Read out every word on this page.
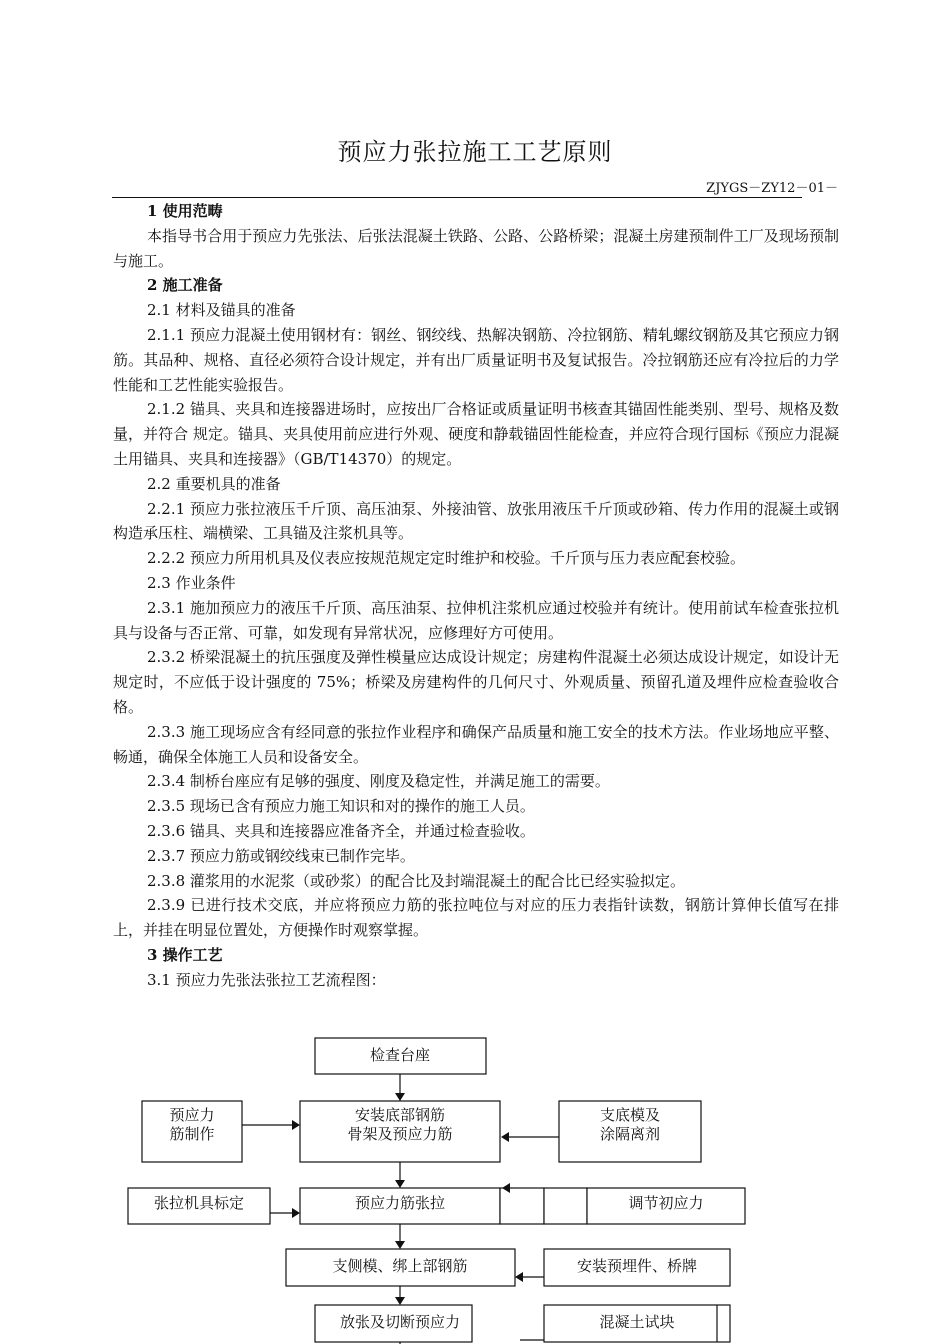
预应力张拉施工工艺原则
ZJYGS－ZY12－01－

1 使用范畴

本指导书合用于预应力先张法、后张法混凝土铁路、公路、公路桥梁；混凝土房建预制件工厂及现场预制与施工。

2 施工准备

2.1 材料及锚具的准备

2.1.1 预应力混凝土使用钢材有：钢丝、钢绞线、热解决钢筋、冷拉钢筋、精轧螺纹钢筋及其它预应力钢筋。其品种、规格、直径必须符合设计规定，并有出厂质量证明书及复试报告。冷拉钢筋还应有冷拉后的力学性能和工艺性能实验报告。

2.1.2 锚具、夹具和连接器进场时，应按出厂合格证或质量证明书核查其锚固性能类别、型号、规格及数量，并符合 规定。锚具、夹具使用前应进行外观、硬度和静载锚固性能检查，并应符合现行国标《预应力混凝土用锚具、夹具和连接器》（GB/T14370）的规定。

2.2 重要机具的准备

2.2.1 预应力张拉液压千斤顶、高压油泵、外接油管、放张用液压千斤顶或砂箱、传力作用的混凝土或钢构造承压柱、端横梁、工具锚及注浆机具等。

2.2.2 预应力所用机具及仪表应按规范规定定时维护和校验。千斤顶与压力表应配套校验。

2.3 作业条件

2.3.1 施加预应力的液压千斤顶、高压油泵、拉伸机注浆机应通过校验并有统计。使用前试车检查张拉机具与设备与否正常、可靠，如发现有异常状况，应修理好方可使用。

2.3.2 桥梁混凝土的抗压强度及弹性模量应达成设计规定；房建构件混凝土必须达成设计规定，如设计无规定时，不应低于设计强度的 75%；桥梁及房建构件的几何尺寸、外观质量、预留孔道及埋件应检查验收合格。

2.3.3 施工现场应含有经同意的张拉作业程序和确保产品质量和施工安全的技术方法。作业场地应平整、畅通，确保全体施工人员和设备安全。

2.3.4 制桥台座应有足够的强度、刚度及稳定性，并满足施工的需要。

2.3.5 现场已含有预应力施工知识和对的操作的施工人员。

2.3.6 锚具、夹具和连接器应准备齐全，并通过检查验收。

2.3.7 预应力筋或钢绞线束已制作完毕。

2.3.8 灌浆用的水泥浆（或砂浆）的配合比及封端混凝土的配合比已经实验拟定。

2.3.9 已进行技术交底，并应将预应力筋的张拉吨位与对应的压力表指针读数，钢筋计算伸长值写在排上，并挂在明显位置处，方便操作时观察掌握。

3 操作工艺

3.1 预应力先张法张拉工艺流程图：

检查台座
预应力
筋制作
安装底部钢筋
骨架及预应力筋
支底模及
涂隔离剂
张拉机具标定	预应力筋张拉	调节初应力
支侧模、绑上部钢筋	安装预埋件、桥牌
放张及切断预应力	混凝土试块
